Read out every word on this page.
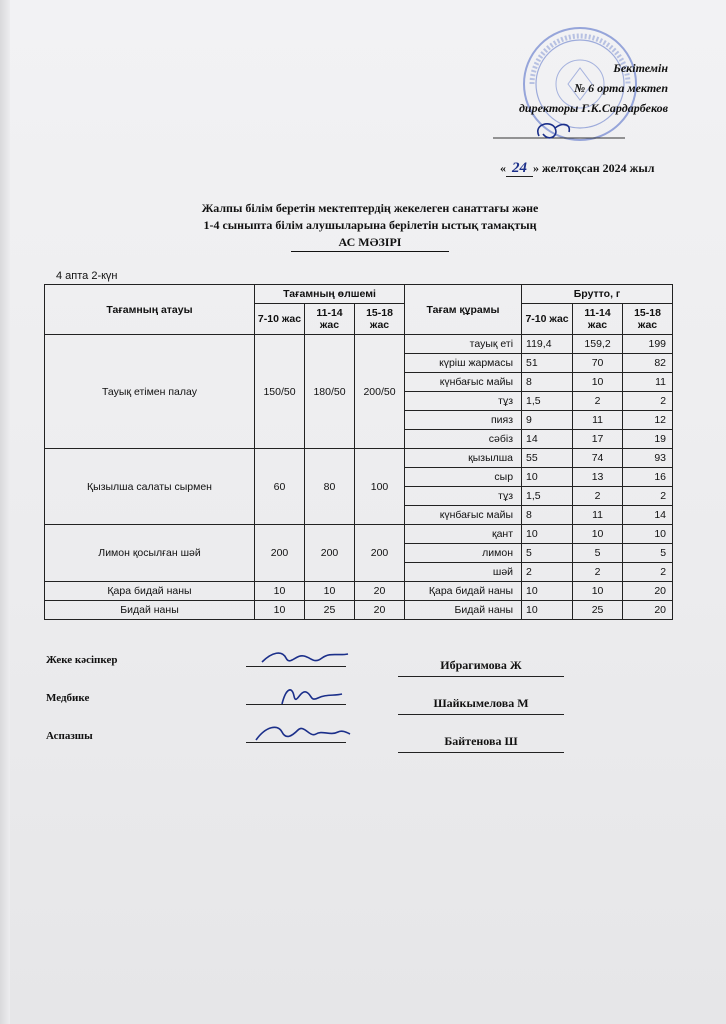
Бекітемін
№ 6 орта мектеп
директоры Г.К.Сардарбеков
« 24 » желтоқсан 2024 жыл
Жалпы білім беретін мектептердің жекелеген санаттағы және
1-4 сыныпта білім алушыларына берілетін ыстық тамақтың
АС МӘЗІРІ
4 апта 2-күн
Тағамның атауы	Тағамның өлшемі			Тағам құрамы	Брутто, г		
	7-10 жас	11-14 жас	15-18 жас		7-10 жас	11-14 жас	15-18 жас
Тауық етімен палау	150/50	180/50	200/50	тауық еті	119,4	159,2	199
				күріш жармасы	51	70	82
				күнбағыс майы	8	10	11
				тұз	1,5	2	2
				пияз	9	11	12
				сәбіз	14	17	19
Қызылша салаты сырмен	60	80	100	қызылша	55	74	93
				сыр	10	13	16
				тұз	1,5	2	2
				күнбағыс майы	8	11	14
Лимон қосылған шәй	200	200	200	қант	10	10	10
				лимон	5	5	5
				шәй	2	2	2
Қара бидай наны	10	10	20	Қара бидай наны	10	10	20
Бидай наны	10	25	20	Бидай наны	10	25	20
Жеке кәсіпкер	Ибрагимова Ж
Медбике	Шайкымелова М
Аспазшы	Байтенова Ш
